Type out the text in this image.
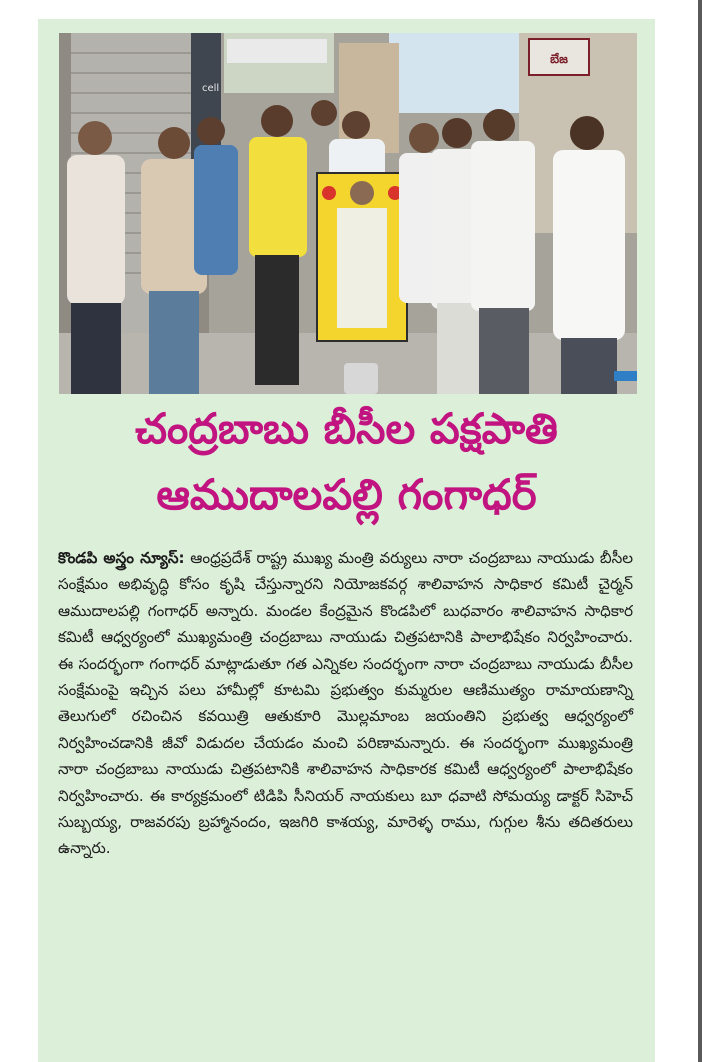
cell
బేజ
చంద్రబాబు బీసీల పక్షపాతి
ఆముదాలపల్లి గంగాధర్
కొండపి అస్త్రం న్యూస్: ఆంధ్రప్రదేశ్ రాష్ట్ర ముఖ్య మంత్రి వర్యులు నారా చంద్రబాబు నాయుడు బీసీల సంక్షేమం అభివృద్ధి కోసం కృషి చేస్తున్నారని నియోజకవర్గ శాలివాహన సాధికార కమిటీ చైర్మన్ ఆముదాలపల్లి గంగాధర్ అన్నారు. మండల కేంద్రమైన కొండపిలో బుధవారం శాలివాహన సాధికార కమిటీ ఆధ్వర్యంలో ముఖ్యమంత్రి చంద్రబాబు నాయుడు చిత్రపటానికి పాలాభిషేకం నిర్వహించారు. ఈ సందర్భంగా గంగాధర్ మాట్లాడుతూ గత ఎన్నికల సందర్భంగా నారా చంద్రబాబు నాయుడు బీసీల సంక్షేమంపై ఇచ్చిన పలు హామీల్లో కూటమి ప్రభుత్వం కుమ్మరుల ఆణిముత్యం రామాయణాన్ని తెలుగులో రచించిన కవయిత్రి ఆతుకూరి మొల్లమాంబ జయంతిని ప్రభుత్వ ఆధ్వర్యంలో నిర్వహించడానికి జీవో విడుదల చేయడం మంచి పరిణామన్నారు. ఈ సందర్భంగా ముఖ్యమంత్రి నారా చంద్రబాబు నాయుడు చిత్రపటానికి శాలివాహన సాధికారక కమిటీ ఆధ్వర్యంలో పాలాభిషేకం నిర్వహించారు. ఈ కార్యక్రమంలో టిడిపి సీనియర్ నాయకులు బూ ధవాటి సోమయ్య డాక్టర్ సిహెచ్ సుబ్బయ్య, రాజవరపు బ్రహ్మానందం, ఇజగిరి కాశయ్య, మారెళ్ళ రాము, గుగ్గుల శీను తదితరులు ఉన్నారు.
